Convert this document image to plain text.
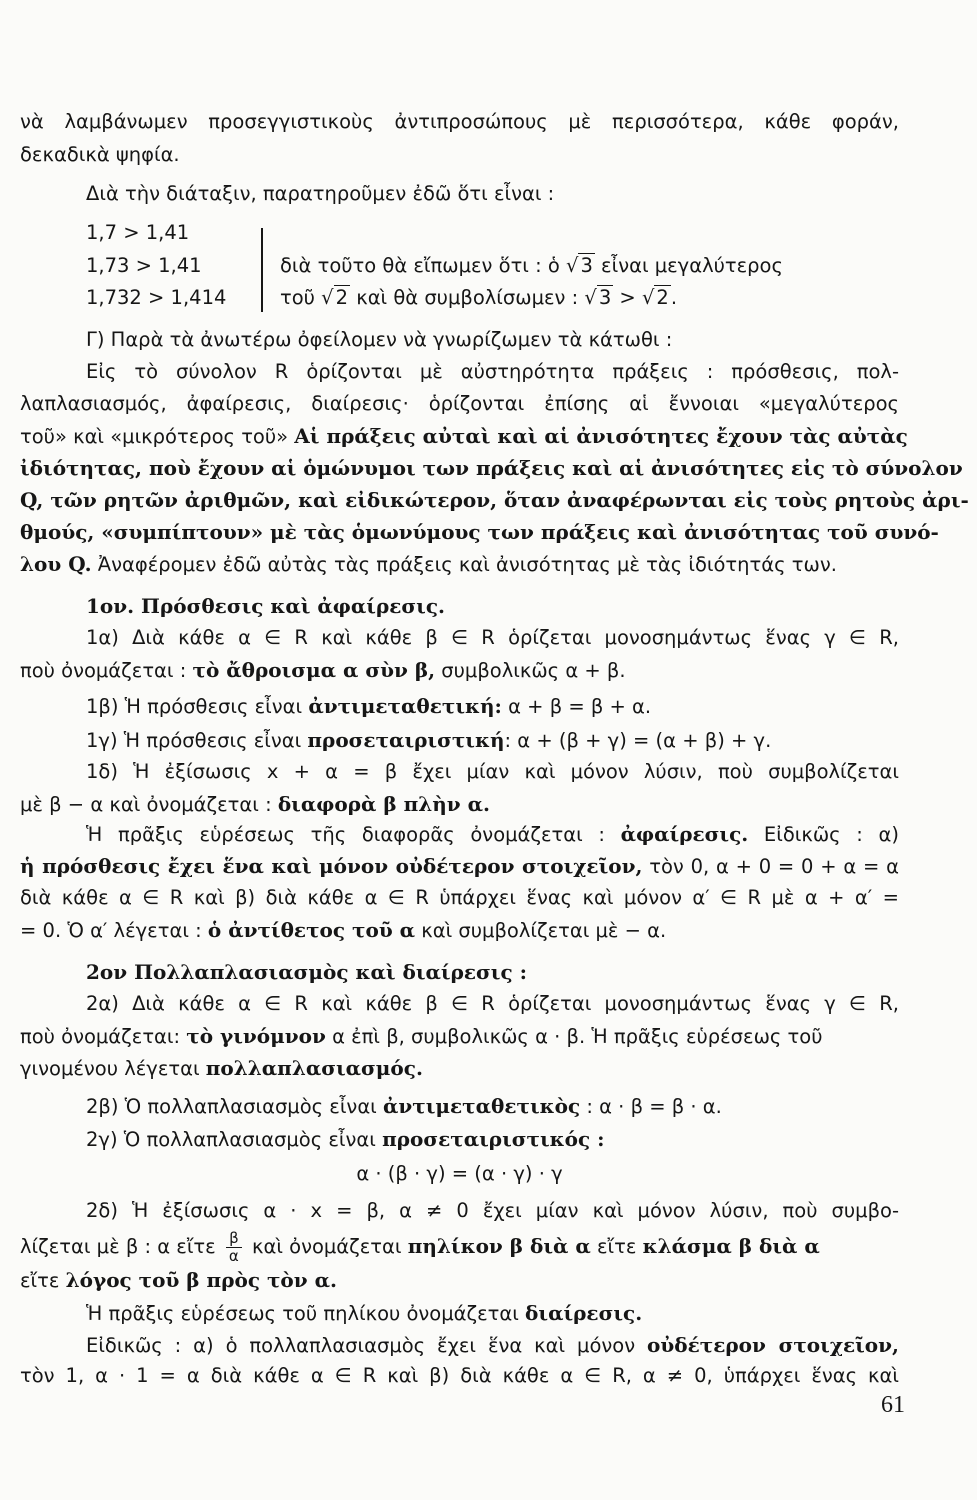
νὰ λαμβάνωμεν προσεγγιστικοὺς ἀντιπροσώπους μὲ περισσότερα, κάθε φοράν,
δεκαδικὰ ψηφία.
Διὰ τὴν διάταξιν, παρατηροῦμεν ἐδῶ ὅτι εἶναι :
1,7 > 1,41
1,73 > 1,41
1,732 > 1,414
διὰ τοῦτο θὰ εἴπωμεν ὅτι : ὁ √ 3 εἶναι μεγαλύτερος
τοῦ √ 2 καὶ θὰ συμβολίσωμεν : √ 3 > √ 2 .
Γ) Παρὰ τὰ ἀνωτέρω ὀφείλομεν νὰ γνωρίζωμεν τὰ κάτωθι :
Εἰς τὸ σύνολον R ὁρίζονται μὲ αὐστηρότητα πράξεις : πρόσθεσις, πολ-
λαπλασιασμός, ἀφαίρεσις, διαίρεσις· ὁρίζονται ἐπίσης αἱ ἔννοιαι «μεγαλύτερος
τοῦ» καὶ «μικρότερος τοῦ» Αἱ πράξεις αὐταὶ καὶ αἱ ἀνισότητες ἔχουν τὰς αὐτὰς
ἰδιότητας, ποὺ ἔχουν αἱ ὁμώνυμοι των πράξεις καὶ αἱ ἀνισότητες εἰς τὸ σύνολον
Q, τῶν ρητῶν ἀριθμῶν, καὶ εἰδικώτερον, ὅταν ἀναφέρωνται εἰς τοὺς ρητοὺς ἀρι-
θμούς, «συμπίπτουν» μὲ τὰς ὁμωνύμους των πράξεις καὶ ἀνισότητας τοῦ συνό-
λου Q. Ἀναφέρομεν ἐδῶ αὐτὰς τὰς πράξεις καὶ ἀνισότητας μὲ τὰς ἰδιότητάς των.
1ον. Πρόσθεσις καὶ ἀφαίρεσις.
1α) Διὰ κάθε α ∈ R καὶ κάθε β ∈ R ὁρίζεται μονοσημάντως ἕνας γ ∈ R,
ποὺ ὀνομάζεται : τὸ ἄθροισμα α σὺν β, συμβολικῶς α + β.
1β) Ἡ πρόσθεσις εἶναι ἀντιμεταθετική: α + β = β + α.
1γ) Ἡ πρόσθεσις εἶναι προσεταιριστική: α + (β + γ) = (α + β) + γ.
1δ) Ἡ ἐξίσωσις x + α = β ἔχει μίαν καὶ μόνον λύσιν, ποὺ συμβολίζεται
μὲ β − α καὶ ὀνομάζεται : διαφορὰ β πλὴν α.
Ἡ πρᾶξις εὑρέσεως τῆς διαφορᾶς ὀνομάζεται : ἀφαίρεσις. Εἰδικῶς : α)
ἡ πρόσθεσις ἔχει ἕνα καὶ μόνον οὐδέτερον στοιχεῖον, τὸν 0, α + 0 = 0 + α = α
διὰ κάθε α ∈ R καὶ β) διὰ κάθε α ∈ R ὑπάρχει ἕνας καὶ μόνον α′ ∈ R μὲ α + α′ =
= 0. Ὁ α′ λέγεται : ὁ ἀντίθετος τοῦ α καὶ συμβολίζεται μὲ − α.
2ον Πολλαπλασιασμὸς καὶ διαίρεσις :
2α) Διὰ κάθε α ∈ R καὶ κάθε β ∈ R ὁρίζεται μονοσημάντως ἕνας γ ∈ R,
ποὺ ὀνομάζεται: τὸ γινόμνον α ἐπὶ β, συμβολικῶς α · β. Ἡ πρᾶξις εὑρέσεως τοῦ
γινομένου λέγεται πολλαπλασιασμός.
2β) Ὁ πολλαπλασιασμὸς εἶναι ἀντιμεταθετικὸς : α · β = β · α.
2γ) Ὁ πολλαπλασιασμὸς εἶναι προσεταιριστικός :
α · (β · γ) = (α · γ) · γ
2δ) Ἡ ἐξίσωσις α · x = β, α ≠ 0 ἔχει μίαν καὶ μόνον λύσιν, ποὺ συμβο-
λίζεται μὲ β : α εἴτε $\frac{\beta}{\alpha}$ καὶ ὀνομάζεται πηλίκον β διὰ α εἴτε κλάσμα β διὰ α
εἴτε λόγος τοῦ β πρὸς τὸν α.
Ἡ πρᾶξις εὑρέσεως τοῦ πηλίκου ὀνομάζεται διαίρεσις.
Εἰδικῶς : α) ὁ πολλαπλασιασμὸς ἔχει ἕνα καὶ μόνον οὐδέτερον στοιχεῖον,
τὸν 1, α · 1 = α διὰ κάθε α ∈ R καὶ β) διὰ κάθε α ∈ R, α ≠ 0, ὑπάρχει ἕνας καὶ
61
